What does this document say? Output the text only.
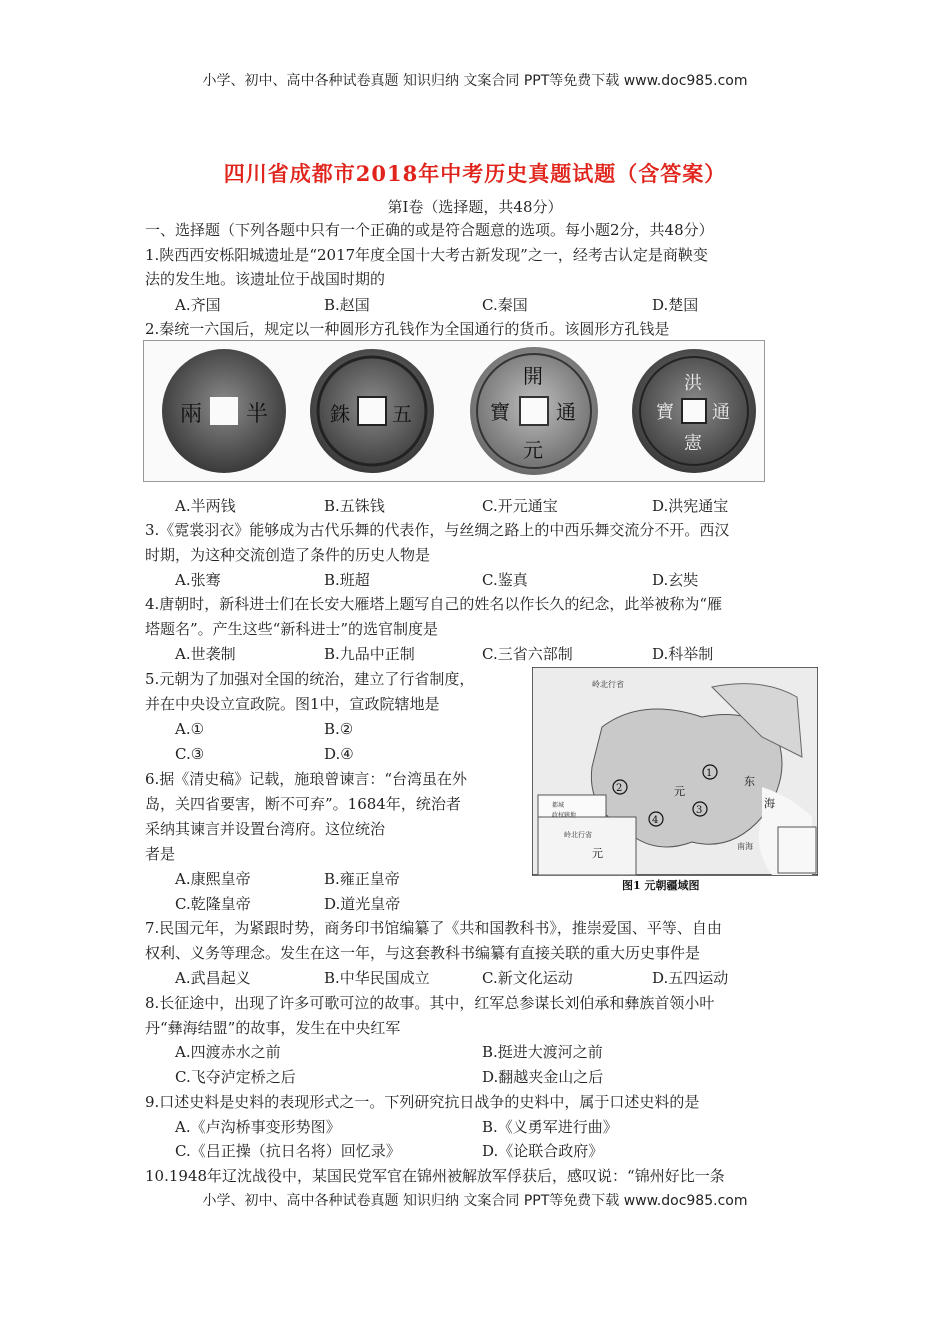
小学、初中、高中各种试卷真题 知识归纳 文案合同 PPT等免费下载 www.doc985.com
四川省成都市2018年中考历史真题试题（含答案）
第Ⅰ卷（选择题，共48分）
一、选择题（下列各题中只有一个正确的或是符合题意的选项。每小题2分，共48分）
1.陕西西安栎阳城遗址是“2017年度全国十大考古新发现”之一，经考古认定是商鞅变
法的发生地。该遗址位于战国时期的
A.齐国	B.赵国	C.秦国	D.楚国
2.秦统一六国后，规定以一种圆形方孔钱作为全国通行的货币。该圆形方孔钱是
兩 半	銖 五
開
元
通
寶
洪
憲
通
寶
A.半两钱	B.五铢钱	C.开元通宝	D.洪宪通宝
3.《霓裳羽衣》能够成为古代乐舞的代表作，与丝绸之路上的中西乐舞交流分不开。西汉
时期，为这种交流创造了条件的历史人物是
A.张骞	B.班超	C.鉴真	D.玄奘
4.唐朝时，新科进士们在长安大雁塔上题写自己的姓名以作长久的纪念，此举被称为“雁
塔题名”。产生这些“新科进士”的选官制度是
A.世袭制	B.九品中正制	C.三省六部制	D.科举制
5.元朝为了加强对全国的统治，建立了行省制度，
并在中央设立宣政院。图1中，宣政院辖地是
A.①	B.②
C.③	D.④
1
2
3
4
岭北行省
岭北行省
元
元
东
海
南海
都城
政权辖地
图1 元朝疆域图
6.据《清史稿》记载，施琅曾谏言：“台湾虽在外
岛，关四省要害，断不可弃”。1684年，统治者
采纳其谏言并设置台湾府。这位统治
者是
A.康熙皇帝	B.雍正皇帝
C.乾隆皇帝	D.道光皇帝
7.民国元年，为紧跟时势，商务印书馆编纂了《共和国教科书》，推崇爱国、平等、自由
权利、义务等理念。发生在这一年，与这套教科书编纂有直接关联的重大历史事件是
A.武昌起义	B.中华民国成立	C.新文化运动	D.五四运动
8.长征途中，出现了许多可歌可泣的故事。其中，红军总参谋长刘伯承和彝族首领小叶
丹“彝海结盟”的故事，发生在中央红军
A.四渡赤水之前	B.挺进大渡河之前
C.飞夺泸定桥之后	D.翻越夹金山之后
9.口述史料是史料的表现形式之一。下列研究抗日战争的史料中，属于口述史料的是
A.《卢沟桥事变形势图》	B.《义勇军进行曲》
C.《吕正操（抗日名将）回忆录》	D.《论联合政府》
10.1948年辽沈战役中，某国民党军官在锦州被解放军俘获后，感叹说：“锦州好比一条
小学、初中、高中各种试卷真题 知识归纳 文案合同 PPT等免费下载 www.doc985.com
